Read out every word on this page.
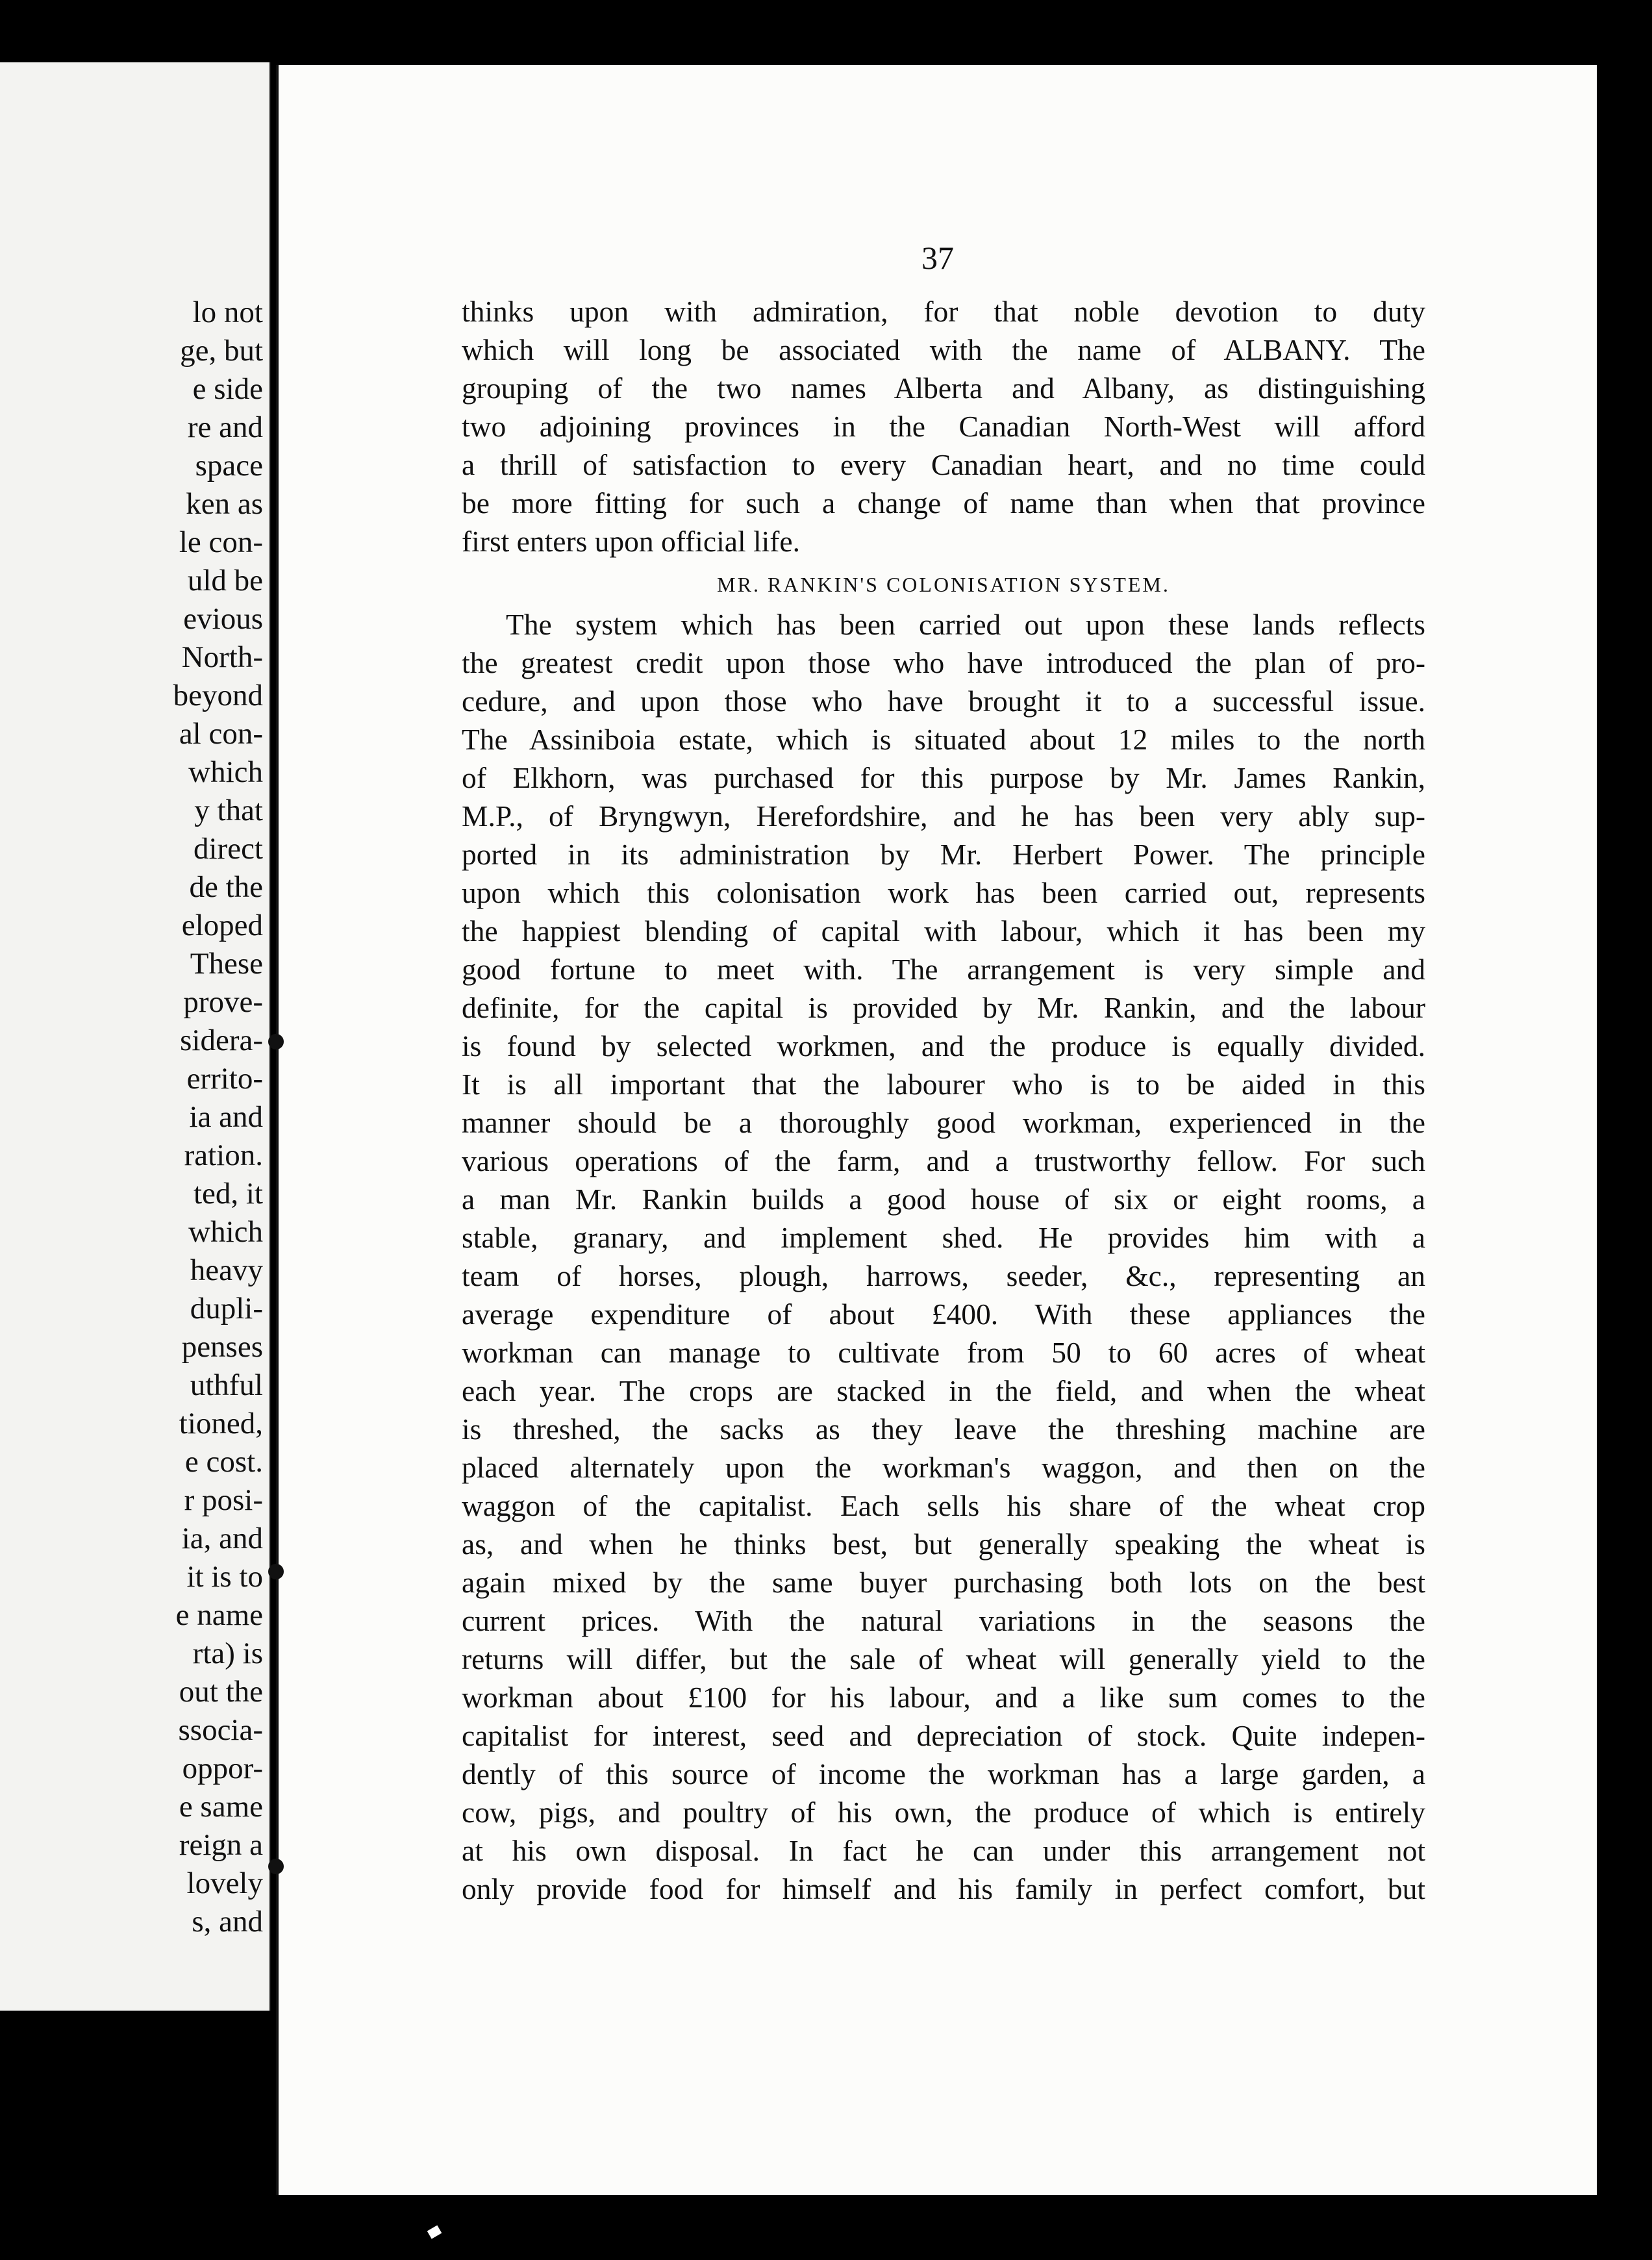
lo not
ge, but
e side
re and
space
ken as
le con-
uld be
evious
North-
beyond
al con-
which
y that
direct
de the
eloped
These
prove-
sidera-
errito-
ia and
ration.
ted, it
which
heavy
dupli-
penses
uthful
tioned,
e cost.
r posi-
ia, and
it is to
e name
rta) is
out the
ssocia-
oppor-
e same
reign a
lovely
s, and
37
thinks upon with admiration, for that noble devotion to duty
which will long be associated with the name of ALBANY. The
grouping of the two names Alberta and Albany, as distinguishing
two adjoining provinces in the Canadian North-West will afford
a thrill of satisfaction to every Canadian heart, and no time could
be more fitting for such a change of name than when that province
first enters upon official life.
MR. RANKIN'S COLONISATION SYSTEM.
The system which has been carried out upon these lands reflects
the greatest credit upon those who have introduced the plan of pro-
cedure, and upon those who have brought it to a successful issue.
The Assiniboia estate, which is situated about 12 miles to the north
of Elkhorn, was purchased for this purpose by Mr. James Rankin,
M.P., of Bryngwyn, Herefordshire, and he has been very ably sup-
ported in its administration by Mr. Herbert Power. The principle
upon which this colonisation work has been carried out, represents
the happiest blending of capital with labour, which it has been my
good fortune to meet with. The arrangement is very simple and
definite, for the capital is provided by Mr. Rankin, and the labour
is found by selected workmen, and the produce is equally divided.
It is all important that the labourer who is to be aided in this
manner should be a thoroughly good workman, experienced in the
various operations of the farm, and a trustworthy fellow. For such
a man Mr. Rankin builds a good house of six or eight rooms, a
stable, granary, and implement shed. He provides him with a
team of horses, plough, harrows, seeder, &c., representing an
average expenditure of about £400. With these appliances the
workman can manage to cultivate from 50 to 60 acres of wheat
each year. The crops are stacked in the field, and when the wheat
is threshed, the sacks as they leave the threshing machine are
placed alternately upon the workman's waggon, and then on the
waggon of the capitalist. Each sells his share of the wheat crop
as, and when he thinks best, but generally speaking the wheat is
again mixed by the same buyer purchasing both lots on the best
current prices. With the natural variations in the seasons the
returns will differ, but the sale of wheat will generally yield to the
workman about £100 for his labour, and a like sum comes to the
capitalist for interest, seed and depreciation of stock. Quite indepen-
dently of this source of income the workman has a large garden, a
cow, pigs, and poultry of his own, the produce of which is entirely
at his own disposal. In fact he can under this arrangement not
only provide food for himself and his family in perfect comfort, but
